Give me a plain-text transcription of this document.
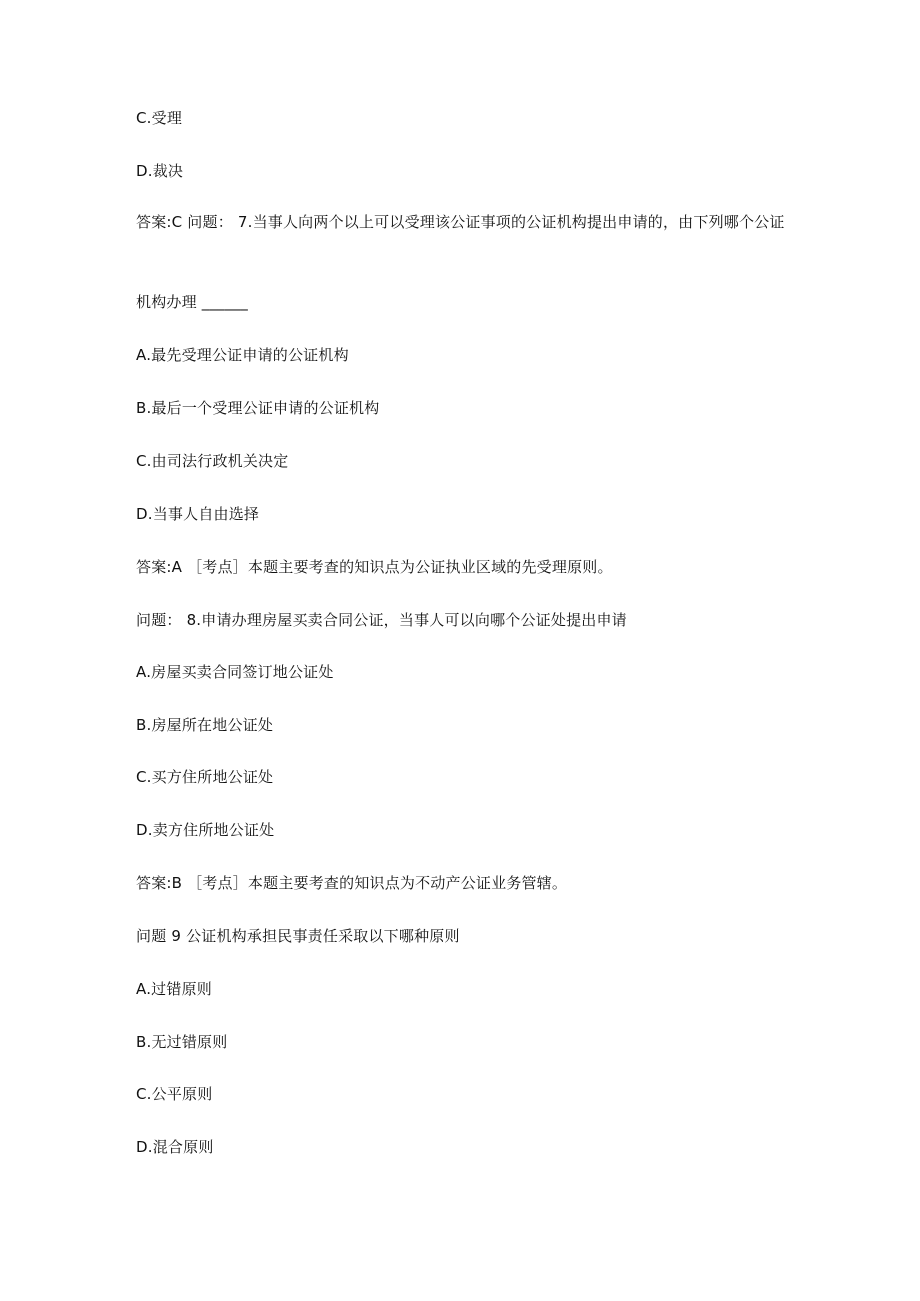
C.受理
D.裁决
答案:C 问题： 7.当事人向两个以上可以受理该公证事项的公证机构提出申请的，由下列哪个公证
机构办理 ______
A.最先受理公证申请的公证机构
B.最后一个受理公证申请的公证机构
C.由司法行政机关决定
D.当事人自由选择
答案:A ［考点］本题主要考查的知识点为公证执业区域的先受理原则。
问题： 8.申请办理房屋买卖合同公证，当事人可以向哪个公证处提出申请
A.房屋买卖合同签订地公证处
B.房屋所在地公证处
C.买方住所地公证处
D.卖方住所地公证处
答案:B ［考点］本题主要考查的知识点为不动产公证业务管辖。
问题 9 公证机构承担民事责任采取以下哪种原则
A.过错原则
B.无过错原则
C.公平原则
D.混合原则
